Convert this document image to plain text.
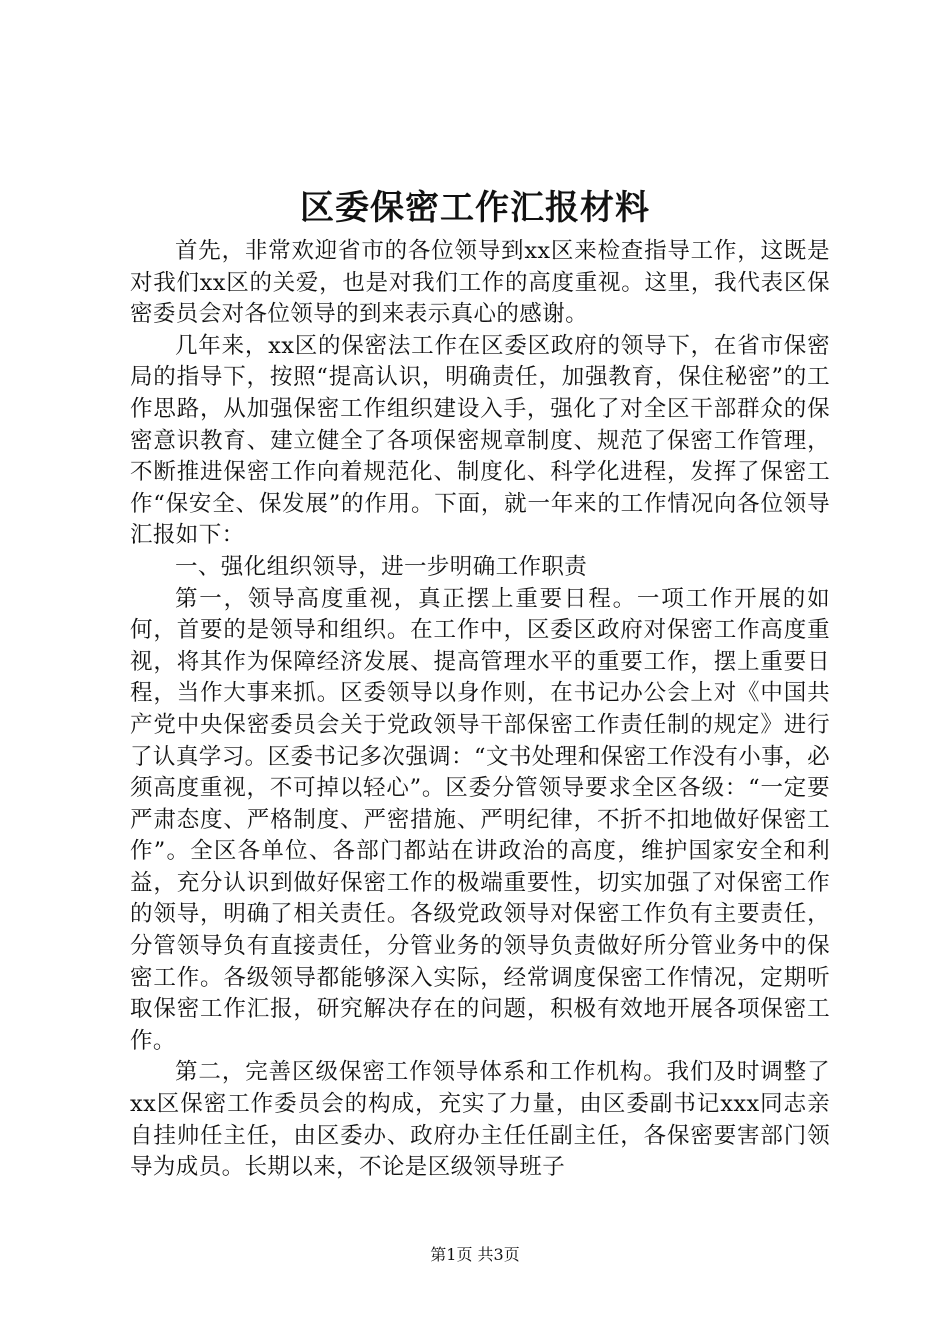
区委保密工作汇报材料

首先，非常欢迎省市的各位领导到xx区来检查指导工作，这既是对我们xx区的关爱，也是对我们工作的高度重视。这里，我代表区保密委员会对各位领导的到来表示真心的感谢。

几年来，xx区的保密法工作在区委区政府的领导下，在省市保密局的指导下，按照“提高认识，明确责任，加强教育，保住秘密”的工作思路，从加强保密工作组织建设入手，强化了对全区干部群众的保密意识教育、建立健全了各项保密规章制度、规范了保密工作管理，不断推进保密工作向着规范化、制度化、科学化进程，发挥了保密工作“保安全、保发展”的作用。下面，就一年来的工作情况向各位领导汇报如下：

一、强化组织领导，进一步明确工作职责

第一，领导高度重视，真正摆上重要日程。一项工作开展的如何，首要的是领导和组织。在工作中，区委区政府对保密工作高度重视，将其作为保障经济发展、提高管理水平的重要工作，摆上重要日程，当作大事来抓。区委领导以身作则，在书记办公会上对《中国共产党中央保密委员会关于党政领导干部保密工作责任制的规定》进行了认真学习。区委书记多次强调：“文书处理和保密工作没有小事，必须高度重视，不可掉以轻心”。区委分管领导要求全区各级：“一定要严肃态度、严格制度、严密措施、严明纪律，不折不扣地做好保密工作”。全区各单位、各部门都站在讲政治的高度，维护国家安全和利益，充分认识到做好保密工作的极端重要性，切实加强了对保密工作的领导，明确了相关责任。各级党政领导对保密工作负有主要责任，分管领导负有直接责任，分管业务的领导负责做好所分管业务中的保密工作。各级领导都能够深入实际，经常调度保密工作情况，定期听取保密工作汇报，研究解决存在的问题，积极有效地开展各项保密工作。

第二，完善区级保密工作领导体系和工作机构。我们及时调整了xx区保密工作委员会的构成，充实了力量，由区委副书记xxx同志亲自挂帅任主任，由区委办、政府办主任任副主任，各保密要害部门领导为成员。长期以来，不论是区级领导班子

第1页 共3页
